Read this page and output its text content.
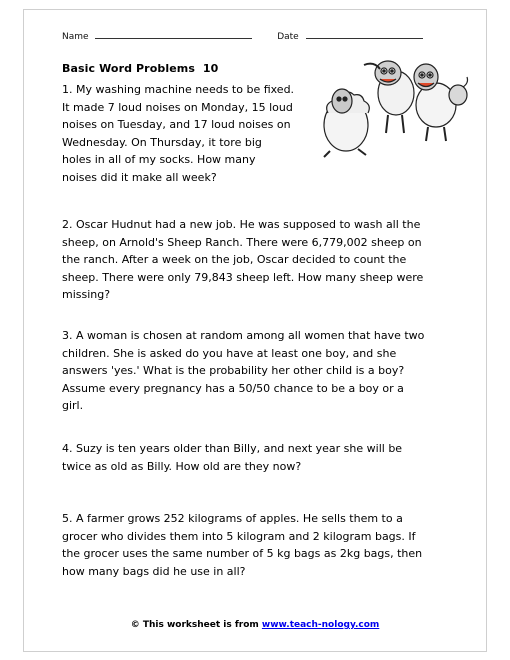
Name	Date
Basic Word Problems  10
1. My washing machine needs to be fixed.
It made 7 loud noises on Monday, 15 loud
noises on Tuesday, and 17 loud noises on
Wednesday. On Thursday, it tore big
holes in all of my socks. How many
noises did it make all week?
2. Oscar Hudnut had a new job. He was supposed to wash all the
sheep, on Arnold's Sheep Ranch. There were 6,779,002 sheep on
the ranch. After a week on the job, Oscar decided to count the
sheep. There were only 79,843 sheep left. How many sheep were
missing?
3. A woman is chosen at random among all women that have two
children. She is asked do you have at least one boy, and she
answers 'yes.' What is the probability her other child is a boy?
Assume every pregnancy has a 50/50 chance to be a boy or a
girl.
4. Suzy is ten years older than Billy, and next year she will be
twice as old as Billy. How old are they now?
5. A farmer grows 252 kilograms of apples. He sells them to a
grocer who divides them into 5 kilogram and 2 kilogram bags. If
the grocer uses the same number of 5 kg bags as 2kg bags, then
how many bags did he use in all?
© This worksheet is from www.teach-nology.com
